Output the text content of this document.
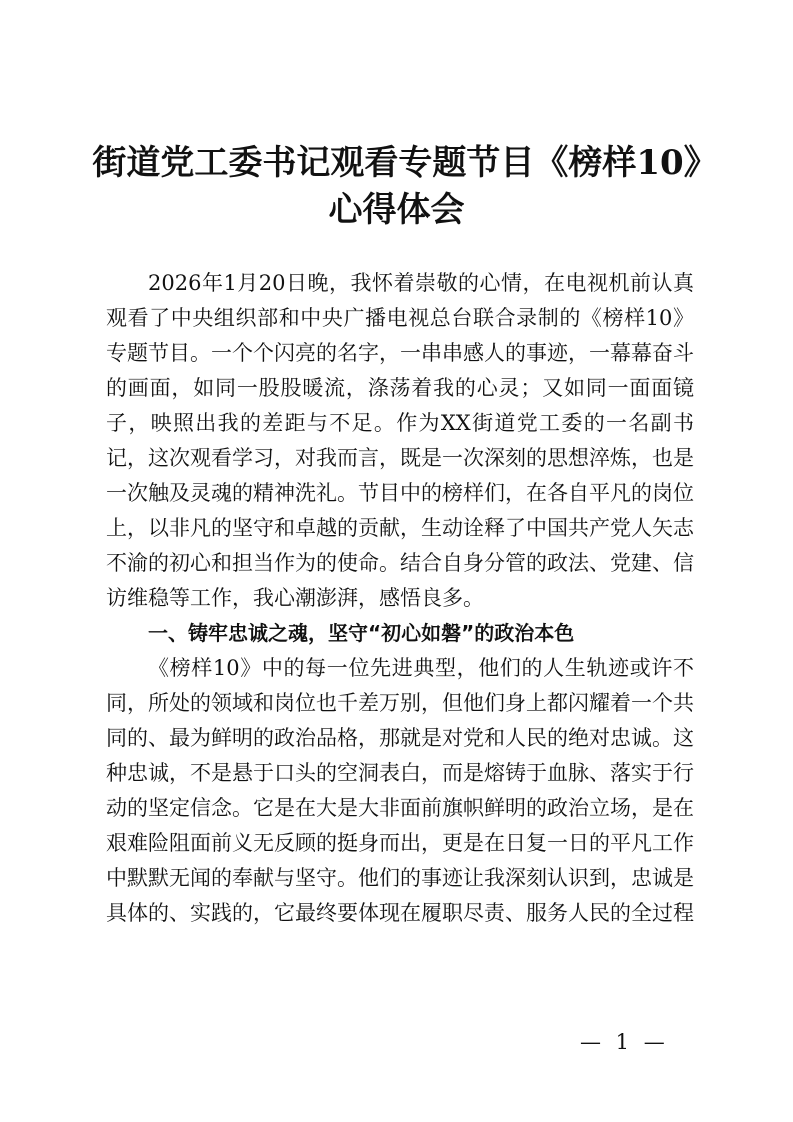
街道党工委书记观看专题节目《榜样10》心得体会

2026年1月20日晚，我怀着崇敬的心情，在电视机前认真观看了中央组织部和中央广播电视总台联合录制的《榜样10》专题节目。一个个闪亮的名字，一串串感人的事迹，一幕幕奋斗的画面，如同一股股暖流，涤荡着我的心灵；又如同一面面镜子，映照出我的差距与不足。作为XX街道党工委的一名副书记，这次观看学习，对我而言，既是一次深刻的思想淬炼，也是一次触及灵魂的精神洗礼。节目中的榜样们，在各自平凡的岗位上，以非凡的坚守和卓越的贡献，生动诠释了中国共产党人矢志不渝的初心和担当作为的使命。结合自身分管的政法、党建、信访维稳等工作，我心潮澎湃，感悟良多。

一、铸牢忠诚之魂，坚守“初心如磐”的政治本色

《榜样10》中的每一位先进典型，他们的人生轨迹或许不同，所处的领域和岗位也千差万别，但他们身上都闪耀着一个共同的、最为鲜明的政治品格，那就是对党和人民的绝对忠诚。这种忠诚，不是悬于口头的空洞表白，而是熔铸于血脉、落实于行动的坚定信念。它是在大是大非面前旗帜鲜明的政治立场，是在艰难险阻面前义无反顾的挺身而出，更是在日复一日的平凡工作中默默无闻的奉献与坚守。他们的事迹让我深刻认识到，忠诚是具体的、实践的，它最终要体现在履职尽责、服务人民的全过程

— 1 —
